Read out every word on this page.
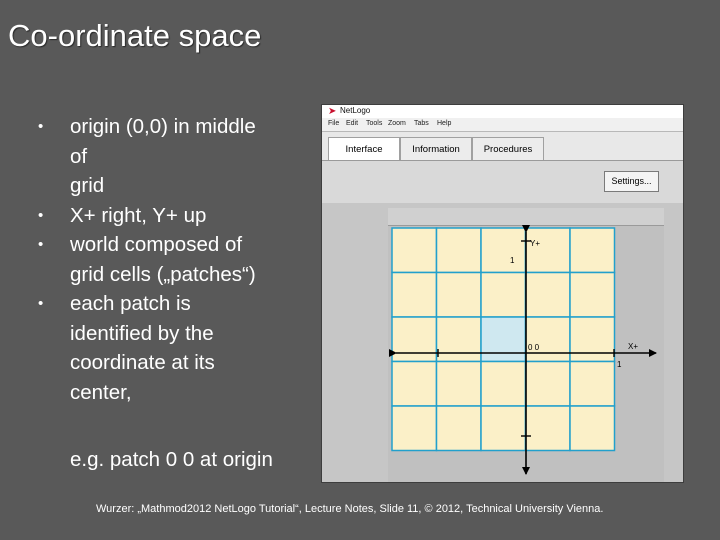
Co-ordinate space
• origin (0,0) in middle
of
grid
• X+ right, Y+ up
• world composed of
grid cells („patches“)
• each patch is
identified by the
coordinate at its
center,
e.g. patch 0 0 at origin
Wurzer: „Mathmod2012 NetLogo Tutorial“, Lecture Notes, Slide 11, © 2012, Technical University Vienna.
➤ NetLogo
File Edit Tools Zoom Tabs Help
Interface	Information	Procedures
Settings...
0 0	X+
Y+
1
1
